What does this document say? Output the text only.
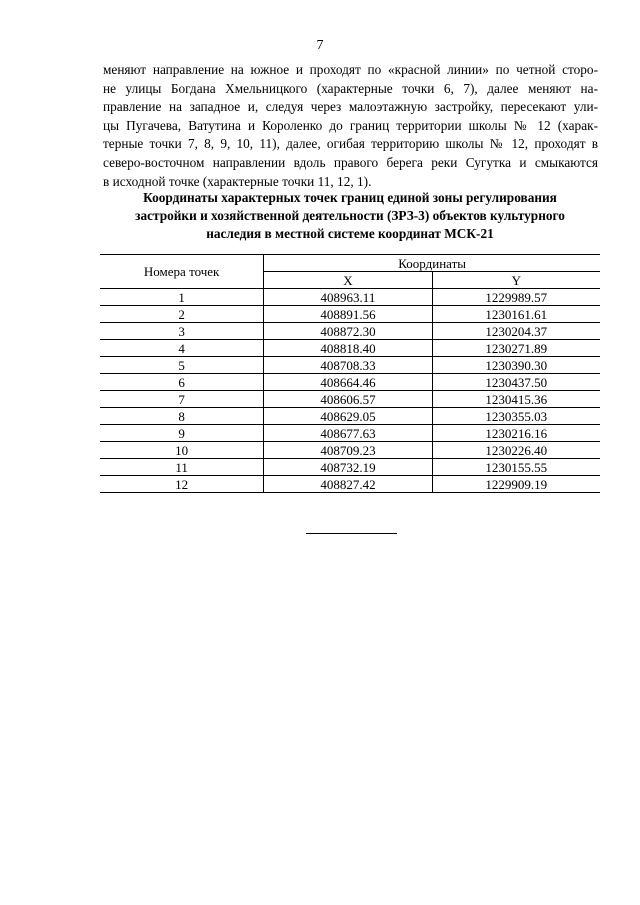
7

меняют направление на южное и проходят по «красной линии» по четной сторо-
не улицы Богдана Хмельницкого (характерные точки 6, 7), далее меняют на-
правление на западное и, следуя через малоэтажную застройку, пересекают ули-
цы Пугачева, Ватутина и Короленко до границ территории школы № 12 (харак-
терные точки 7, 8, 9, 10, 11), далее, огибая территорию школы № 12, проходят в
северо-восточном направлении вдоль правого берега реки Сугутка и смыкаются
в исходной точке (характерные точки 11, 12, 1).

Координаты характерных точек границ единой зоны регулирования
застройки и хозяйственной деятельности (ЗРЗ-3) объектов культурного
наследия в местной системе координат МСК-21
Номера точек	Координаты	
	X	Y
1	408963.11	1229989.57
2	408891.56	1230161.61
3	408872.30	1230204.37
4	408818.40	1230271.89
5	408708.33	1230390.30
6	408664.46	1230437.50
7	408606.57	1230415.36
8	408629.05	1230355.03
9	408677.63	1230216.16
10	408709.23	1230226.40
11	408732.19	1230155.55
12	408827.42	1229909.19
